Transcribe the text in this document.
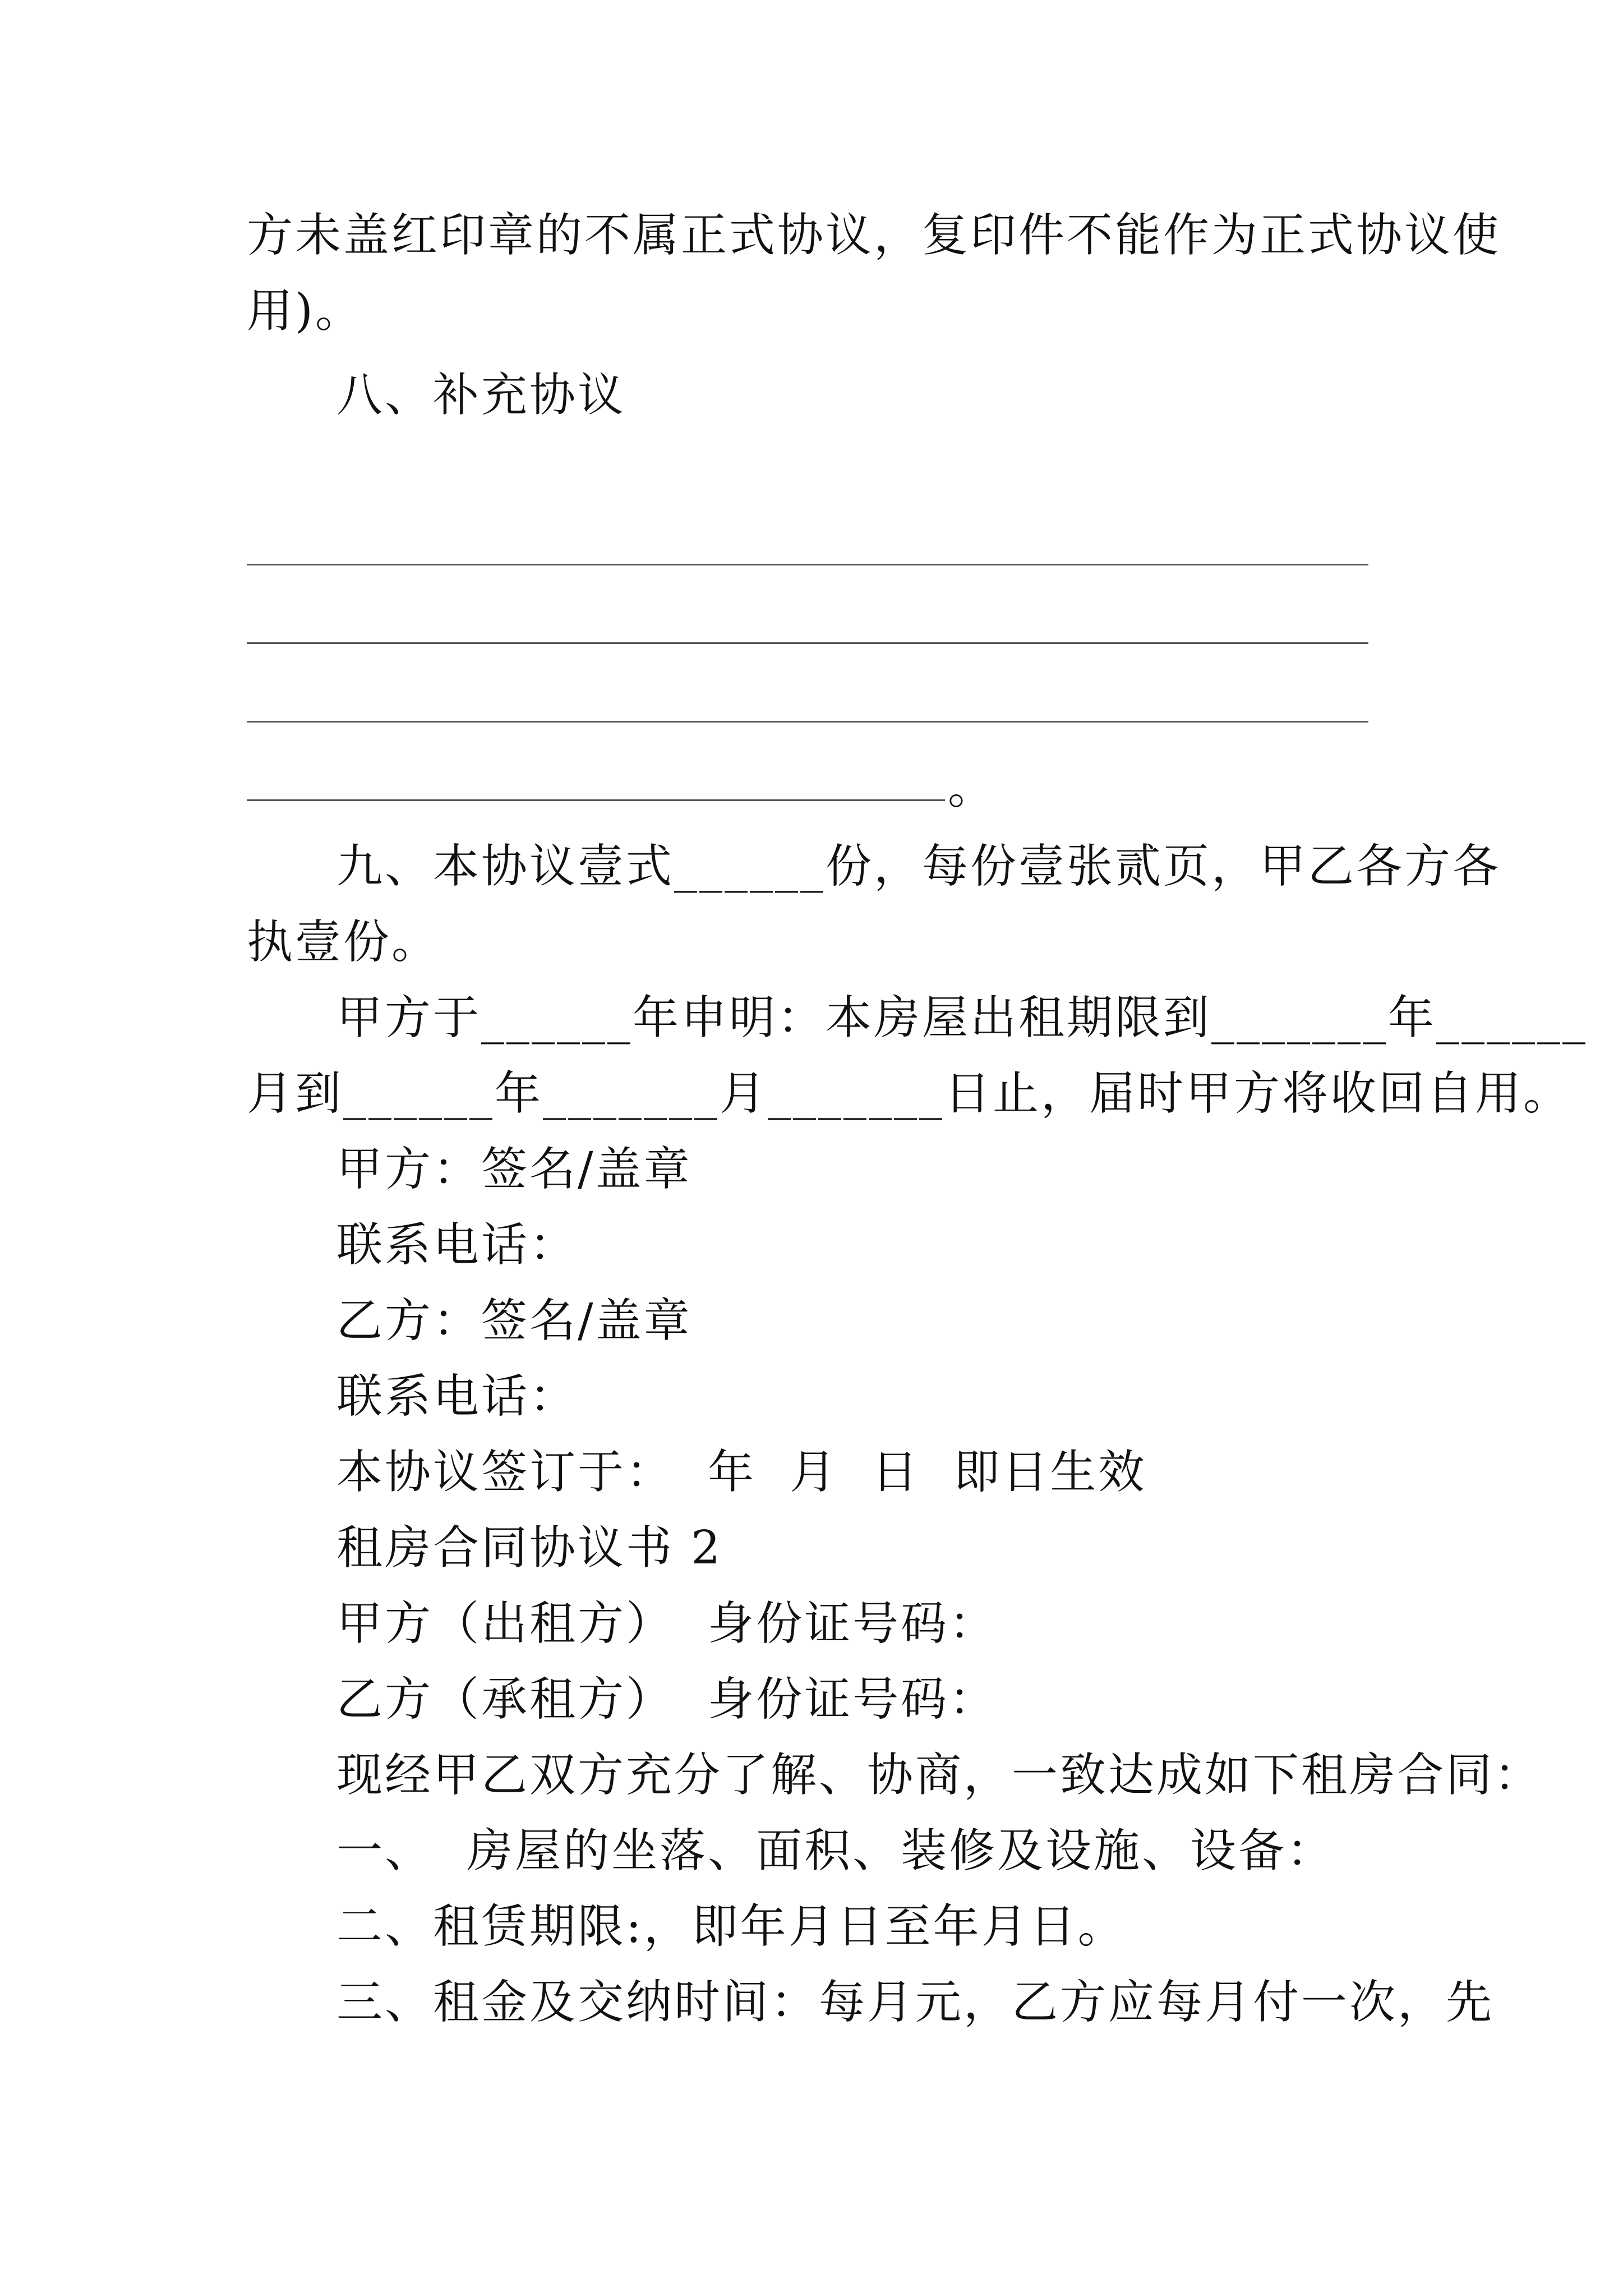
方未盖红印章的不属正式协议，复印件不能作为正式协议使
用)。
八、补充协议
。
九、本协议壹式______份，每份壹张贰页，甲乙各方各
执壹份。
甲方于______年申明：本房屋出租期限到_______年______
月到______年_______月_______日止，届时甲方将收回自用。
甲方：签名/盖章
联系电话：
乙方：签名/盖章
联系电话：
本协议签订于：  年  月  日  即日生效
租房合同协议书 2
甲方（出租方）  身份证号码：
乙方（承租方）  身份证号码：
现经甲乙双方充分了解、协商，一致达成如下租房合同：
一、  房屋的坐落、面积、装修及设施、设备：
二、租赁期限:，即年月日至年月日。
三、租金及交纳时间：每月元，乙方应每月付一次，先
